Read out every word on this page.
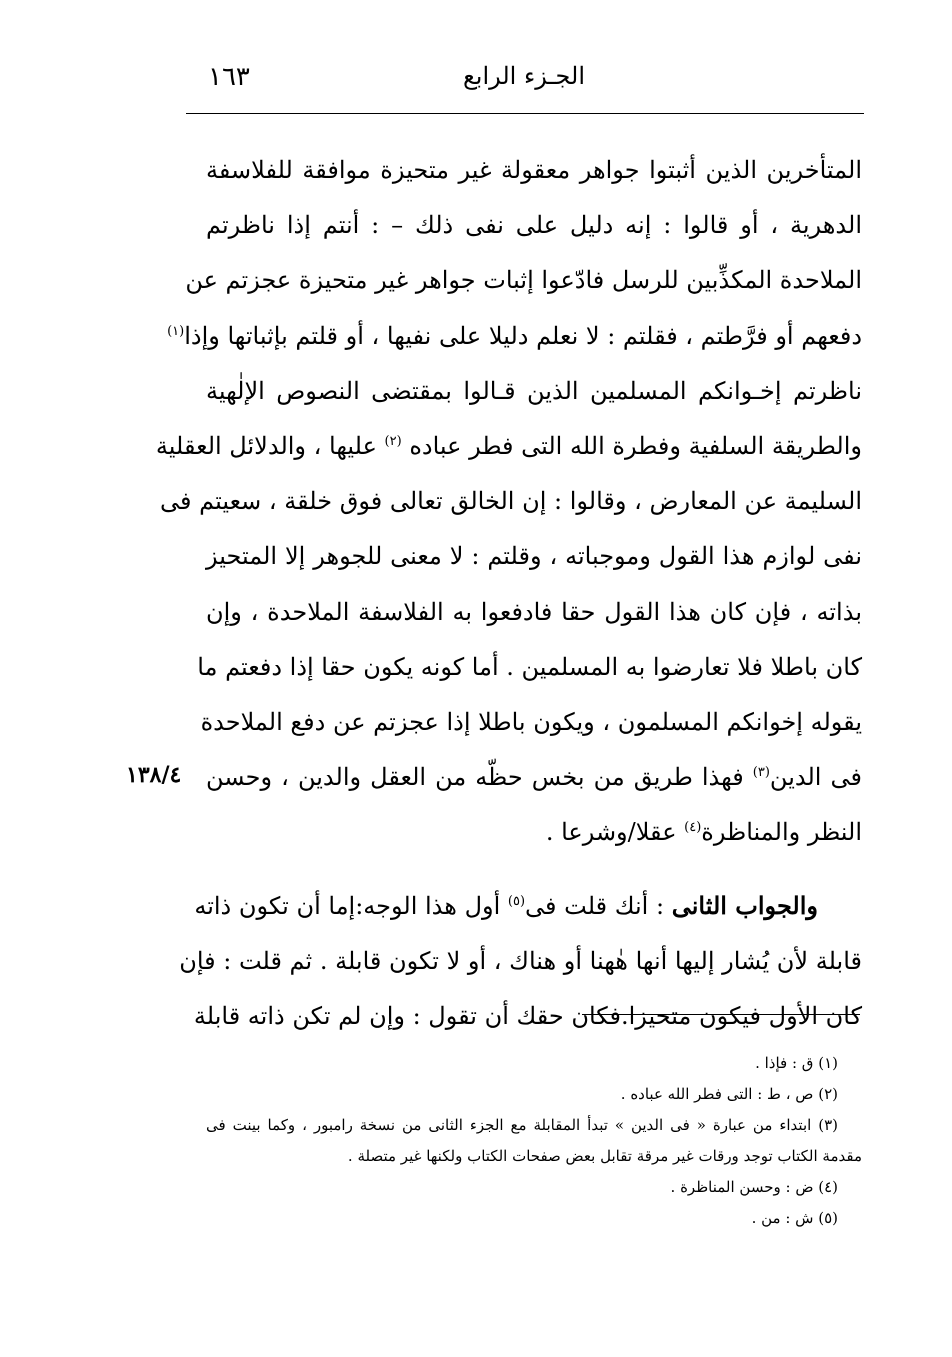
الجـزء الرابع
١٦٣
المتأخرين الذين أثبتوا جواهر معقولة غير متحيزة موافقة للفلاسفة
الدهرية ، أو قالوا : إنه دليل على نفى ذلك – : أنتم إذا ناظرتم
الملاحدة المكذِّبين للرسل فادّعوا إثبات جواهر غير متحيزة عجزتم عن
دفعهم أو فرَّطتم ، فقلتم : لا نعلم دليلا على نفيها ، أو قلتم بإثباتها وإذا$^{(١)}$
ناظرتم إخـوانكم المسلمين الذين قـالوا بمقتضى النصوص الإلٰهية
والطريقة السلفية وفطرة الله التى فطر عباده $^{(٢)}$ عليها ، والدلائل العقلية
السليمة عن المعارض ، وقالوا : إن الخالق تعالى فوق خلقة ، سعيتم فى
نفى لوازم هذا القول وموجباته ، وقلتم : لا معنى للجوهر إلا المتحيز
بذاته ، فإن كان هذا القول حقا فادفعوا به الفلاسفة الملاحدة ، وإن
كان باطلا فلا تعارضوا به المسلمين . أما كونه يكون حقا إذا دفعتم ما
يقوله إخوانكم المسلمون ، ويكون باطلا إذا عجزتم عن دفع الملاحدة
فى الدين$^{(٣)}$ فهذا طريق من بخس حظّه من العقل والدين ، وحسن
النظر والمناظرة$^{(٤)}$ عقلا/وشرعا .
والجواب الثانى : أنك قلت فى$^{(٥)}$ أول هذا الوجه:إما أن تكون ذاته
قابلة لأن يُشار إليها أنها هٰهنا أو هناك ، أو لا تكون قابلة . ثم قلت : فإن
كان الأول فيكون متحيزا.فكان حقك أن تقول : وإن لم تكن ذاته قابلة
١٣٨/٤
(١) ق : فإذا .
(٢) ص ، ط : التى فطر الله عباده .
(٣) ابتداء من عبارة « فى الدين » تبدأ المقابلة مع الجزء الثانى من نسخة رامبور ، وكما بينت فى
مقدمة الكتاب توجد ورقات غير مرقة تقابل بعض صفحات الكتاب ولكنها غير متصلة .
(٤) ض : وحسن المناظرة .
(٥) ش : من .
